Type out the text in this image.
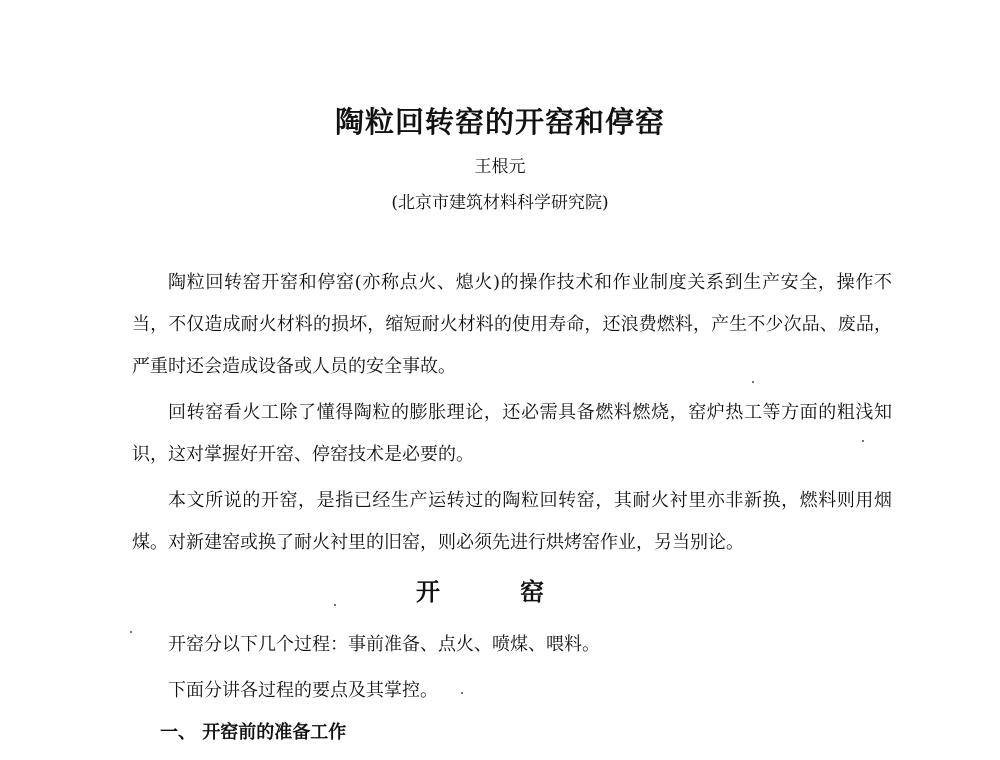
陶粒回转窑的开窑和停窑

王根元

(北京市建筑材料科学研究院)

陶粒回转窑开窑和停窑(亦称点火、熄火)的操作技术和作业制度关系到生产安全，操作不当，不仅造成耐火材料的损坏，缩短耐火材料的使用寿命，还浪费燃料，产生不少次品、废品，严重时还会造成设备或人员的安全事故。

回转窑看火工除了懂得陶粒的膨胀理论，还必需具备燃料燃烧，窑炉热工等方面的粗浅知识，这对掌握好开窑、停窑技术是必要的。

本文所说的开窑，是指已经生产运转过的陶粒回转窑，其耐火衬里亦非新换，燃料则用烟煤。对新建窑或换了耐火衬里的旧窑，则必须先进行烘烤窑作业，另当别论。

开窑

开窑分以下几个过程：事前准备、点火、喷煤、喂料。

下面分讲各过程的要点及其掌控。

一、 开窑前的准备工作
